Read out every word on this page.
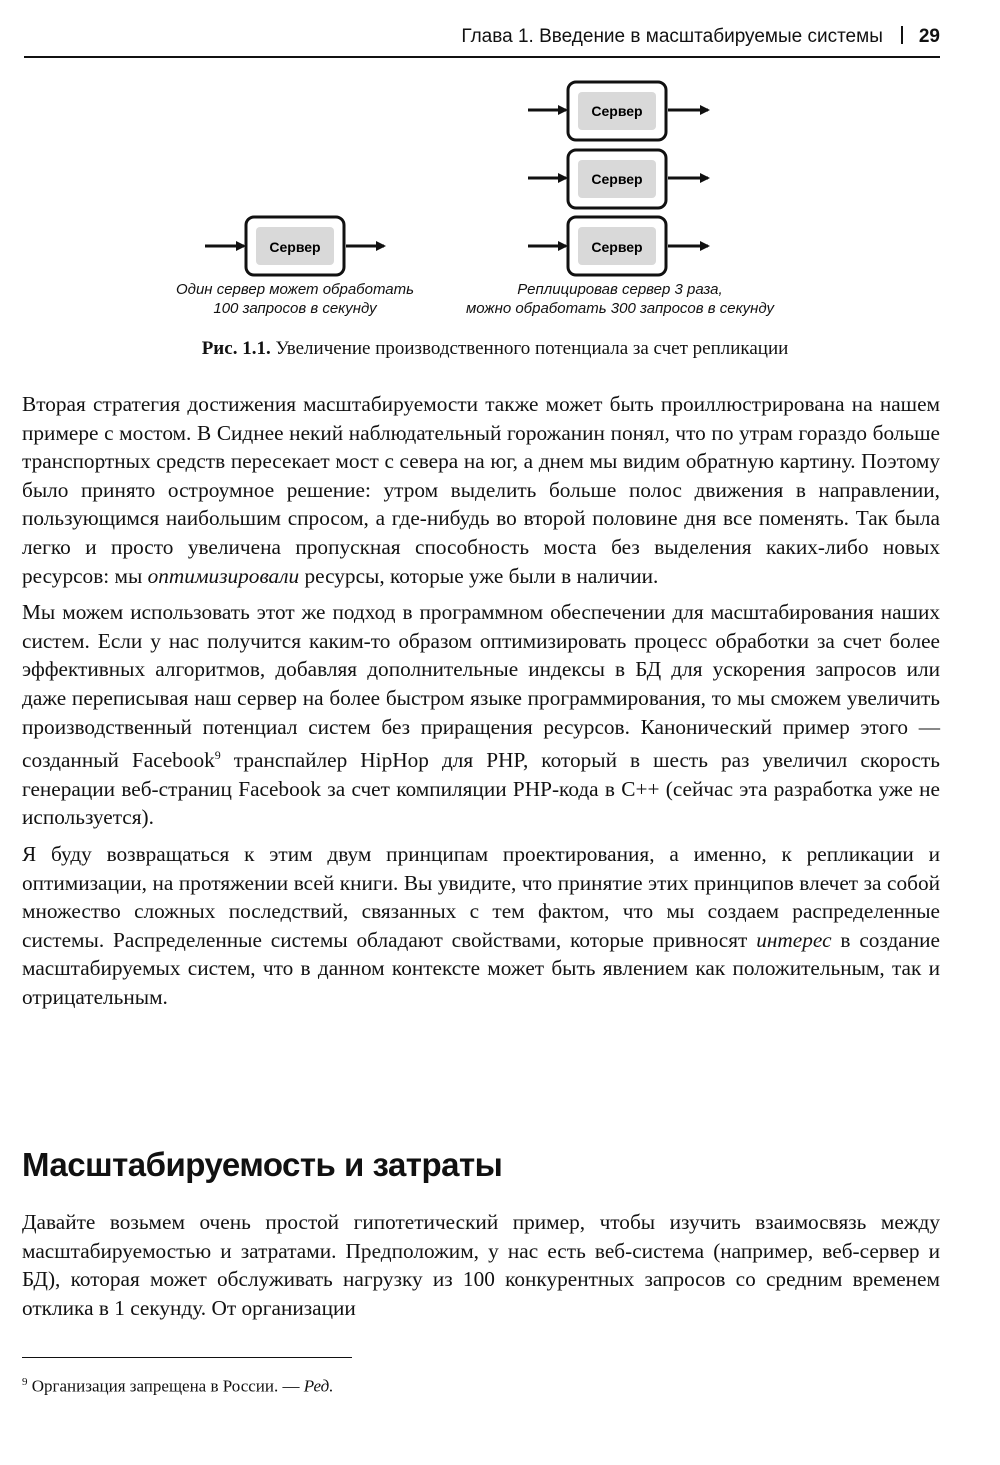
Глава 1. Введение в масштабируемые системы 29
Сервер
Сервер
Сервер
Сервер
Один сервер может обработать
100 запросов в секунду
Реплицировав сервер 3 раза,
можно обработать 300 запросов в секунду
Рис. 1.1. Увеличение производственного потенциала за счет репликации

Вторая стратегия достижения масштабируемости также может быть проиллюстрирована на нашем примере с мостом. В Сиднее некий наблюдательный горожанин понял, что по утрам гораздо больше транспортных средств пересекает мост с севера на юг, а днем мы видим обратную картину. Поэтому было принято остроумное решение: утром выделить больше полос движения в направлении, пользующимся наибольшим спросом, а где-нибудь во второй половине дня все поменять. Так была легко и просто увеличена пропускная способность моста без выделения каких-либо новых ресурсов: мы оптимизировали ресурсы, которые уже были в наличии.

Мы можем использовать этот же подход в программном обеспечении для масштабирования наших систем. Если у нас получится каким-то образом оптимизировать процесс обработки за счет более эффективных алгоритмов, добавляя дополнительные индексы в БД для ускорения запросов или даже переписывая наш сервер на более быстром языке программирования, то мы сможем увеличить производственный потенциал систем без приращения ресурсов. Канонический пример этого — созданный Facebook$^9$ транспайлер HipHop для PHP, который в шесть раз увеличил скорость генерации веб-страниц Facebook за счет компиляции PHP-кода в C++ (сейчас эта разработка уже не используется).

Я буду возвращаться к этим двум принципам проектирования, а именно, к репликации и оптимизации, на протяжении всей книги. Вы увидите, что принятие этих принципов влечет за собой множество сложных последствий, связанных с тем фактом, что мы создаем распределенные системы. Распределенные системы обладают свойствами, которые привносят интерес в создание масштабируемых систем, что в данном контексте может быть явлением как положительным, так и отрицательным.

Масштабируемость и затраты

Давайте возьмем очень простой гипотетический пример, чтобы изучить взаимосвязь между масштабируемостью и затратами. Предположим, у нас есть веб-система (например, веб-сервер и БД), которая может обслуживать нагрузку из 100 конкурентных запросов со средним временем отклика в 1 секунду. От организации

$^9$ Организация запрещена в России. — Ред.
